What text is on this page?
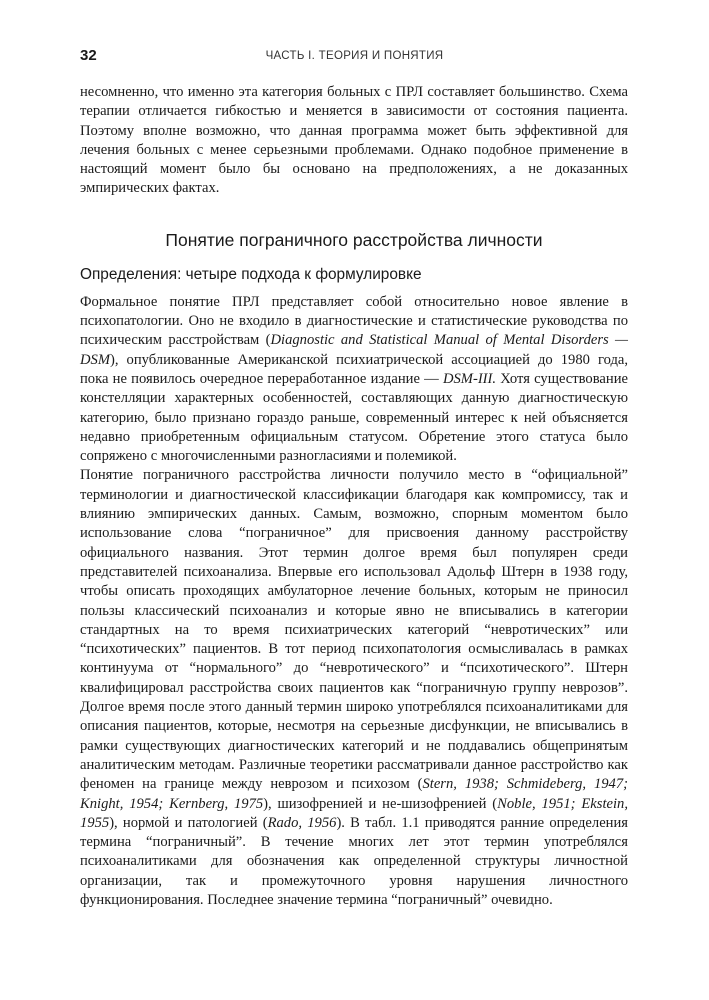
32	ЧАСТЬ I. ТЕОРИЯ И ПОНЯТИЯ

несомненно, что именно эта категория больных с ПРЛ составляет большинство. Схема терапии отличается гибкостью и меняется в зависимости от состояния пациента. Поэтому вполне возможно, что данная программа может быть эффективной для лечения больных с менее серьезными проблемами. Однако подобное применение в настоящий момент было бы основано на предположениях, а не доказанных эмпирических фактах.

Понятие пограничного расстройства личности
Определения: четыре подхода к формулировке

Формальное понятие ПРЛ представляет собой относительно новое явление в психопатологии. Оно не входило в диагностические и статистические руководства по психическим расстройствам (Diagnostic and Statistical Manual of Mental Disorders — DSM), опубликованные Американской психиатрической ассоциацией до 1980 года, пока не появилось очередное переработанное издание — DSM-III. Хотя существование констелляции характерных особенностей, составляющих данную диагностическую категорию, было признано гораздо раньше, современный интерес к ней объясняется недавно приобретенным официальным статусом. Обретение этого статуса было сопряжено с многочисленными разногласиями и полемикой.

Понятие пограничного расстройства личности получило место в “официальной” терминологии и диагностической классификации благодаря как компромиссу, так и влиянию эмпирических данных. Самым, возможно, спорным моментом было использование слова “пограничное” для присвоения данному расстройству официального названия. Этот термин долгое время был популярен среди представителей психоанализа. Впервые его использовал Адольф Штерн в 1938 году, чтобы описать проходящих амбулаторное лечение больных, которым не приносил пользы классический психоанализ и которые явно не вписывались в категории стандартных на то время психиатрических категорий “невротических” или “психотических” пациентов. В тот период психопатология осмысливалась в рамках континуума от “нормального” до “невротического” и “психотического”. Штерн квалифицировал расстройства своих пациентов как “пограничную группу неврозов”. Долгое время после этого данный термин широко употреблялся психоаналитиками для описания пациентов, которые, несмотря на серьезные дисфункции, не вписывались в рамки существующих диагностических категорий и не поддавались общепринятым аналитическим методам. Различные теоретики рассматривали данное расстройство как феномен на границе между неврозом и психозом (Stern, 1938; Schmideberg, 1947; Knight, 1954; Kernberg, 1975), шизофренией и не-шизофренией (Noble, 1951; Ekstein, 1955), нормой и патологией (Rado, 1956). В табл. 1.1 приводятся ранние определения термина “пограничный”. В течение многих лет этот термин употреблялся психоаналитиками для обозначения как определенной структуры личностной организации, так и промежуточного уровня нарушения личностного функционирования. Последнее значение термина “пограничный” очевидно.
